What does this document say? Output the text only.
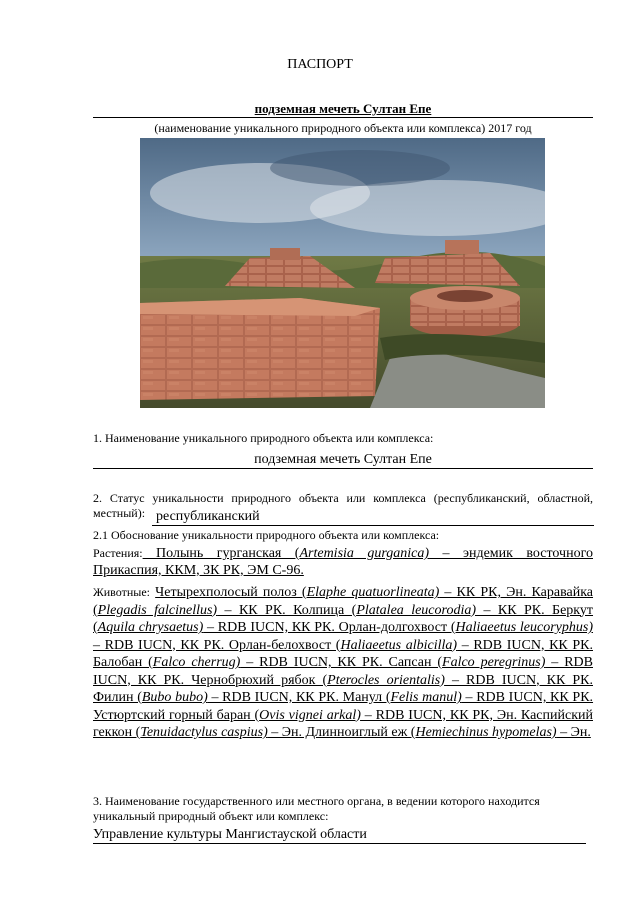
ПАСПОРТ
подземная мечеть Султан Епе
(наименование уникального природного объекта или комплекса) 2017 год
1. Наименование уникального природного объекта или комплекса:
подземная мечеть Султан Епе
2. Статус уникальности природного объекта или комплекса (республиканский, областной, местный): республиканский
2.1 Обоснование уникальности природного объекта или комплекса:
Растения: Полынь гурганская (Artemisia gurganica) – эндемик восточного Прикаспия, ККМ, ЗК РК, ЭМ С-96.
Животные: Четырехполосый полоз (Elaphe quatuorlineata) – КК РК, Эн. Каравайка (Plegadis falcinellus) – КК РК. Колпица (Platalea leucorodia) – КК РК. Беркут (Aquila chrysaetus) – RDB IUCN, КК РК. Орлан-долгохвост (Haliaeetus leucoryphus) – RDB IUCN, КК РК. Орлан-белохвост (Haliaeetus albicilla) – RDB IUCN, КК РК. Балобан (Falco cherrug) – RDB IUCN, КК РК. Сапсан (Falco peregrinus) – RDB IUCN, КК РК. Чернобрюхий рябок (Pterocles orientalis) – RDB IUCN, КК РК. Филин (Bubo bubo) – RDB IUCN, КК РК. Манул (Felis manul) – RDB IUCN, КК РК. Устюртский горный баран (Ovis vignei arkal) – RDB IUCN, КК РК, Эн. Каспийский геккон (Tenuidactylus caspius) – Эн. Длинноиглый еж (Hemiechinus hypomelas) – Эн.
3. Наименование государственного или местного органа, в ведении которого находится уникальный природный объект или комплекс:
Управление культуры Мангистауской области
